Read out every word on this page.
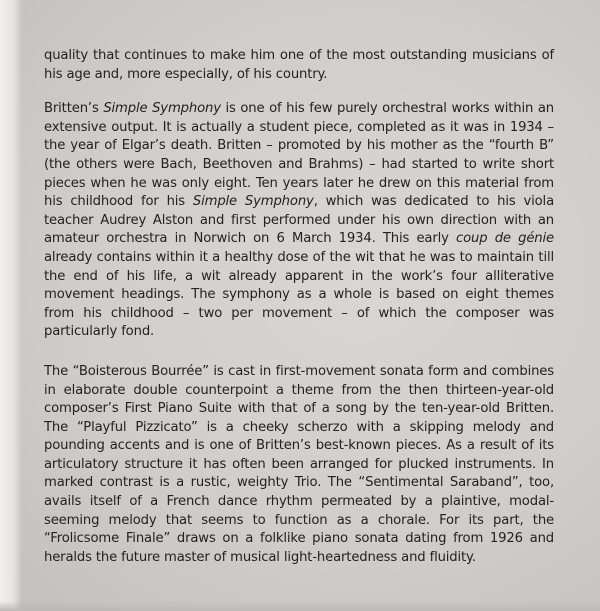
quality that continues to make him one of the most outstanding musicians of his age and, more especially, of his country.

Britten’s Simple Symphony is one of his few purely orchestral works within an extensive output. It is actually a student piece, completed as it was in 1934 – the year of Elgar’s death. Britten – promoted by his mother as the “fourth B” (the others were Bach, Beethoven and Brahms) – had started to write short pieces when he was only eight. Ten years later he drew on this material from his childhood for his Simple Symphony, which was dedicated to his viola teacher Audrey Alston and first performed under his own direction with an amateur orchestra in Norwich on 6 March 1934. This early coup de génie already contains within it a healthy dose of the wit that he was to maintain till the end of his life, a wit already apparent in the work’s four alliterative movement headings. The symphony as a whole is based on eight themes from his childhood – two per movement – of which the composer was particularly fond.

The “Boisterous Bourrée” is cast in first-movement sonata form and combines in elaborate double counterpoint a theme from the then thirteen-year-old composer’s First Piano Suite with that of a song by the ten-year-old Britten. The “Playful Pizzicato” is a cheeky scherzo with a skipping melody and pounding accents and is one of Britten’s best-known pieces. As a result of its articulatory structure it has often been arranged for plucked instruments. In marked contrast is a rustic, weighty Trio. The “Sentimental Saraband”, too, avails itself of a French dance rhythm permeated by a plaintive, modal-seeming melody that seems to function as a chorale. For its part, the “Frolicsome Finale” draws on a folklike piano sonata dating from 1926 and heralds the future master of musical light-heartedness and fluidity.
